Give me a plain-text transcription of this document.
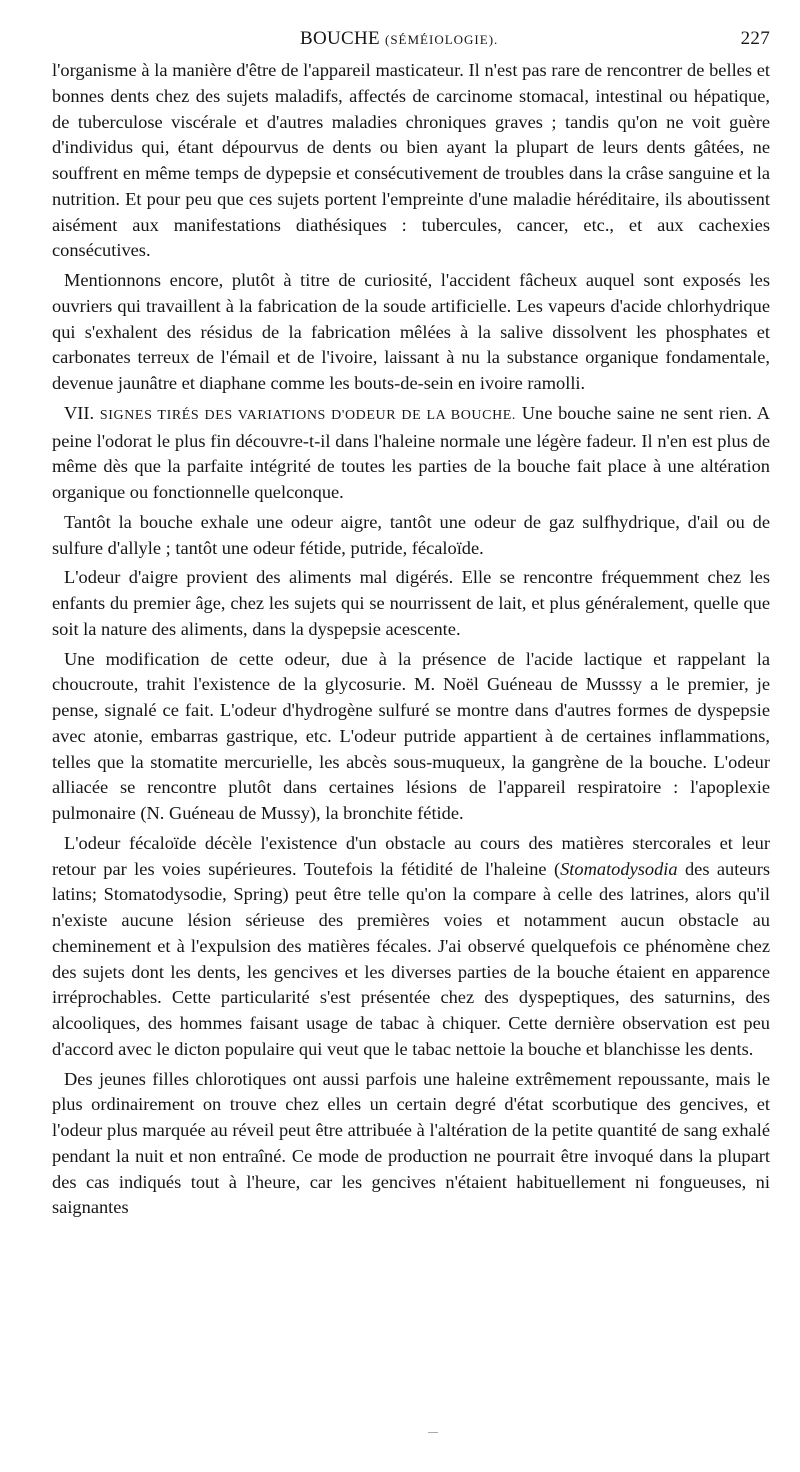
BOUCHE (SÉMÉIOLOGIE).	227

l'organisme à la manière d'être de l'appareil masticateur. Il n'est pas rare de rencontrer de belles et bonnes dents chez des sujets maladifs, affectés de carcinome stomacal, intestinal ou hépatique, de tuberculose viscérale et d'autres maladies chroniques graves ; tandis qu'on ne voit guère d'individus qui, étant dépourvus de dents ou bien ayant la plupart de leurs dents gâtées, ne souffrent en même temps de dypepsie et consécutivement de troubles dans la crâse sanguine et la nutrition. Et pour peu que ces sujets portent l'empreinte d'une maladie héréditaire, ils aboutissent aisément aux manifestations diathésiques : tubercules, cancer, etc., et aux cachexies consécutives.

Mentionnons encore, plutôt à titre de curiosité, l'accident fâcheux auquel sont exposés les ouvriers qui travaillent à la fabrication de la soude artificielle. Les vapeurs d'acide chlorhydrique qui s'exhalent des résidus de la fabrication mêlées à la salive dissolvent les phosphates et carbonates terreux de l'émail et de l'ivoire, laissant à nu la substance organique fondamentale, devenue jaunâtre et diaphane comme les bouts-de-sein en ivoire ramolli.

VII. SIGNES TIRÉS DES VARIATIONS D'ODEUR DE LA BOUCHE. Une bouche saine ne sent rien. A peine l'odorat le plus fin découvre-t-il dans l'haleine normale une légère fadeur. Il n'en est plus de même dès que la parfaite intégrité de toutes les parties de la bouche fait place à une altération organique ou fonctionnelle quelconque.

Tantôt la bouche exhale une odeur aigre, tantôt une odeur de gaz sulfhydrique, d'ail ou de sulfure d'allyle ; tantôt une odeur fétide, putride, fécaloïde.

L'odeur d'aigre provient des aliments mal digérés. Elle se rencontre fréquemment chez les enfants du premier âge, chez les sujets qui se nourrissent de lait, et plus généralement, quelle que soit la nature des aliments, dans la dyspepsie acescente.

Une modification de cette odeur, due à la présence de l'acide lactique et rappelant la choucroute, trahit l'existence de la glycosurie. M. Noël Guéneau de Musssy a le premier, je pense, signalé ce fait. L'odeur d'hydrogène sulfuré se montre dans d'autres formes de dyspepsie avec atonie, embarras gastrique, etc. L'odeur putride appartient à de certaines inflammations, telles que la stomatite mercurielle, les abcès sous-muqueux, la gangrène de la bouche. L'odeur alliacée se rencontre plutôt dans certaines lésions de l'appareil respiratoire : l'apoplexie pulmonaire (N. Guéneau de Mussy), la bronchite fétide.

L'odeur fécaloïde décèle l'existence d'un obstacle au cours des matières stercorales et leur retour par les voies supérieures. Toutefois la fétidité de l'haleine (Stomatodysodia des auteurs latins; Stomatodysodie, Spring) peut être telle qu'on la compare à celle des latrines, alors qu'il n'existe aucune lésion sérieuse des premières voies et notamment aucun obstacle au cheminement et à l'expulsion des matières fécales. J'ai observé quelquefois ce phénomène chez des sujets dont les dents, les gencives et les diverses parties de la bouche étaient en apparence irréprochables. Cette particularité s'est présentée chez des dyspeptiques, des saturnins, des alcooliques, des hommes faisant usage de tabac à chiquer. Cette dernière observation est peu d'accord avec le dicton populaire qui veut que le tabac nettoie la bouche et blanchisse les dents.

Des jeunes filles chlorotiques ont aussi parfois une haleine extrêmement repoussante, mais le plus ordinairement on trouve chez elles un certain degré d'état scorbutique des gencives, et l'odeur plus marquée au réveil peut être attribuée à l'altération de la petite quantité de sang exhalé pendant la nuit et non entraîné. Ce mode de production ne pourrait être invoqué dans la plupart des cas indiqués tout à l'heure, car les gencives n'étaient habituellement ni fongueuses, ni saignantes
